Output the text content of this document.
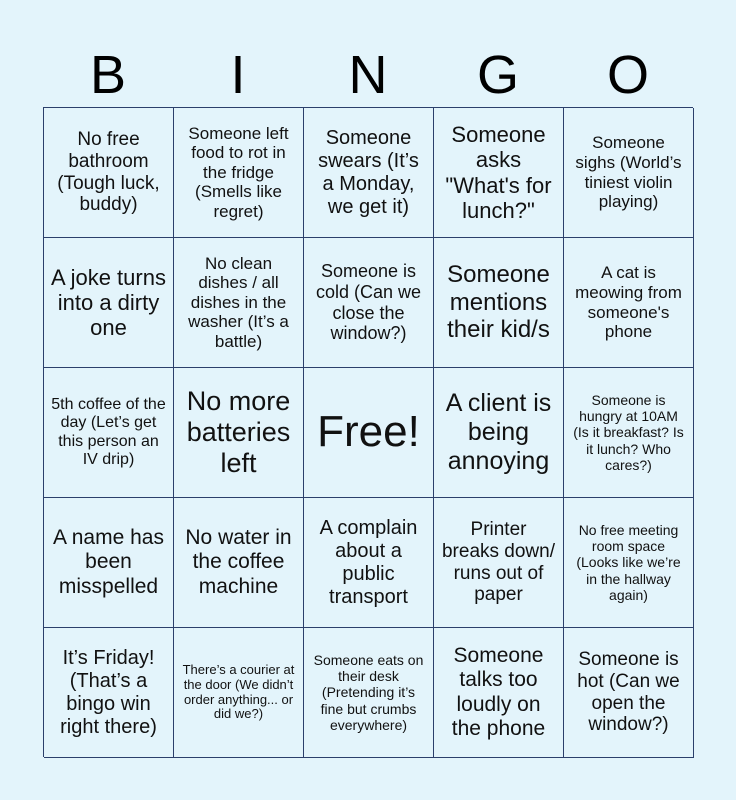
B	I	N	G	O
No free bathroom (Tough luck, buddy)
Someone left food to rot in the fridge (Smells like regret)
Someone swears (It’s a Monday, we get it)
Someone asks "What's for lunch?"
Someone sighs (World’s tiniest violin playing)
A joke turns into a dirty one
No clean dishes / all dishes in the washer (It’s a battle)
Someone is cold (Can we close the window?)
Someone mentions their kid/s
A cat is meowing from someone's phone
5th coffee of the day (Let’s get this person an IV drip)
No more batteries left
Free!
A client is being annoying
Someone is hungry at 10AM (Is it breakfast? Is it lunch? Who cares?)
A name has been misspelled
No water in the coffee machine
A complain about a public transport
Printer breaks down/ runs out of paper
No free meeting room space (Looks like we’re in the hallway again)
It’s Friday! (That’s a bingo win right there)
There’s a courier at the door (We didn’t order anything... or did we?)
Someone eats on their desk (Pretending it’s fine but crumbs everywhere)
Someone talks too loudly on the phone
Someone is hot (Can we open the window?)
